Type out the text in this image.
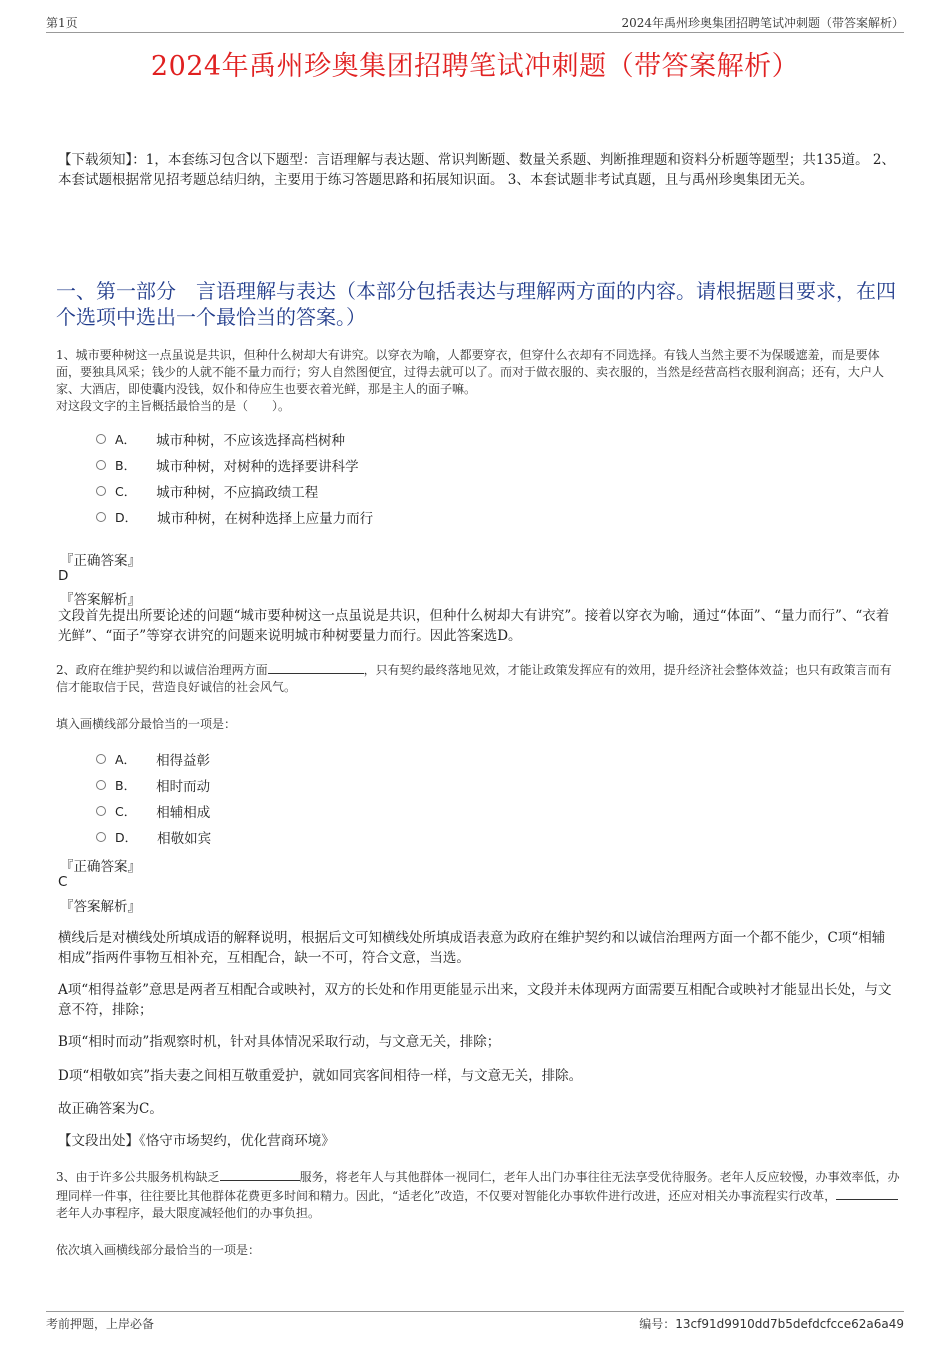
第1页	2024年禹州珍奥集团招聘笔试冲刺题（带答案解析）
2024年禹州珍奥集团招聘笔试冲刺题（带答案解析）
【下载须知】：1，本套练习包含以下题型：言语理解与表达题、常识判断题、数量关系题、判断推理题和资料分析题等题型；共135道。 2、本套试题根据常见招考题总结归纳，主要用于练习答题思路和拓展知识面。 3、本套试题非考试真题，且与禹州珍奥集团无关。
一、第一部分　言语理解与表达（本部分包括表达与理解两方面的内容。请根据题目要求，在四个选项中选出一个最恰当的答案。）
1、城市要种树这一点虽说是共识，但种什么树却大有讲究。以穿衣为喻，人都要穿衣，但穿什么衣却有不同选择。有钱人当然主要不为保暖遮羞，而是要体面，要独具风采；钱少的人就不能不量力而行；穷人自然图便宜，过得去就可以了。而对于做衣服的、卖衣服的，当然是经营高档衣服利润高；还有，大户人家、大酒店，即使囊内没钱，奴仆和侍应生也要衣着光鲜，那是主人的面子嘛。
对这段文字的主旨概括最恰当的是（　　）。
A． 城市种树，不应该选择高档树种
B． 城市种树，对树种的选择要讲科学
C． 城市种树，不应搞政绩工程
D． 城市种树，在树种选择上应量力而行
『正确答案』
D
『答案解析』
文段首先提出所要论述的问题“城市要种树这一点虽说是共识，但种什么树却大有讲究”。接着以穿衣为喻，通过“体面”、“量力而行”、“衣着光鲜”、“面子”等穿衣讲究的问题来说明城市种树要量力而行。因此答案选D。
2、政府在维护契约和以诚信治理两方面	，只有契约最终落地见效，才能让政策发挥应有的效用，提升经济社会整体效益；也只有政策言而有信才能取信于民，营造良好诚信的社会风气。
填入画横线部分最恰当的一项是：
A． 相得益彰
B． 相时而动
C． 相辅相成
D． 相敬如宾
『正确答案』
C
『答案解析』
横线后是对横线处所填成语的解释说明，根据后文可知横线处所填成语表意为政府在维护契约和以诚信治理两方面一个都不能少，C项“相辅相成”指两件事物互相补充，互相配合，缺一不可，符合文意，当选。
A项“相得益彰”意思是两者互相配合或映衬，双方的长处和作用更能显示出来，文段并未体现两方面需要互相配合或映衬才能显出长处，与文意不符，排除；
B项“相时而动”指观察时机，针对具体情况采取行动，与文意无关，排除；
D项“相敬如宾”指夫妻之间相互敬重爱护，就如同宾客间相待一样，与文意无关，排除。
故正确答案为C。
【文段出处】《恪守市场契约，优化营商环境》
3、由于许多公共服务机构缺乏	服务，将老年人与其他群体一视同仁，老年人出门办事往往无法享受优待服务。老年人反应较慢，办事效率低，办理同样一件事，往往要比其他群体花费更多时间和精力。因此，“适老化”改造，不仅要对智能化办事软件进行改进，还应对相关办事流程实行改革，老年人办事程序，最大限度减轻他们的办事负担。
依次填入画横线部分最恰当的一项是：
考前押题，上岸必备	编号：13cf91d9910dd7b5defdcfcce62a6a49
